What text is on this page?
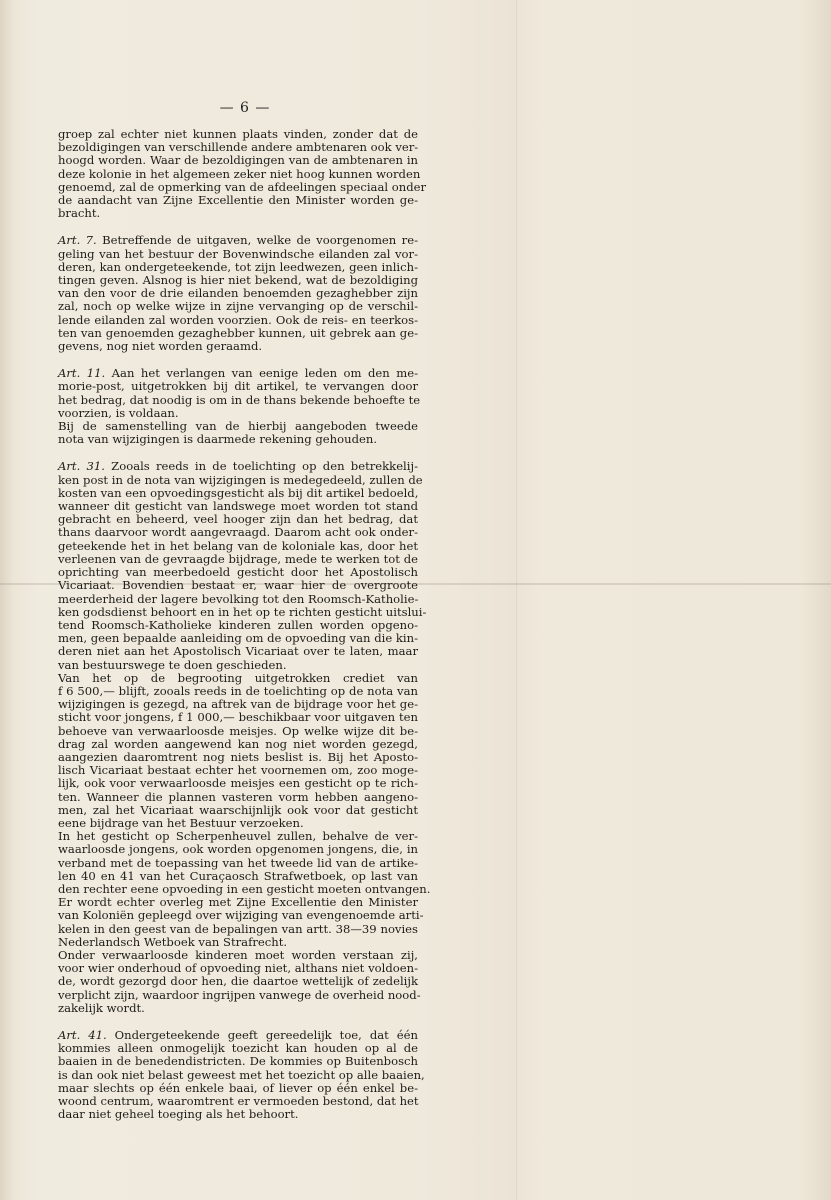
— 6 —
groep zal echter niet kunnen plaats vinden, zonder dat de
bezoldigingen van verschillende andere ambtenaren ook ver-
hoogd worden. Waar de bezoldigingen van de ambtenaren in
deze kolonie in het algemeen zeker niet hoog kunnen worden
genoemd, zal de opmerking van de afdeelingen speciaal onder
de aandacht van Zijne Excellentie den Minister worden ge-
bracht.
Art. 7. Betreffende de uitgaven, welke de voorgenomen re-
geling van het bestuur der Bovenwindsche eilanden zal vor-
deren, kan ondergeteekende, tot zijn leedwezen, geen inlich-
tingen geven. Alsnog is hier niet bekend, wat de bezoldiging
van den voor de drie eilanden benoemden gezaghebber zijn
zal, noch op welke wijze in zijne vervanging op de verschil-
lende eilanden zal worden voorzien. Ook de reis- en teerkos-
ten van genoemden gezaghebber kunnen, uit gebrek aan ge-
gevens, nog niet worden geraamd.
Art. 11. Aan het verlangen van eenige leden om den me-
morie-post, uitgetrokken bij dit artikel, te vervangen door
het bedrag, dat noodig is om in de thans bekende behoefte te
voorzien, is voldaan.
Bij de samenstelling van de hierbij aangeboden tweede
nota van wijzigingen is daarmede rekening gehouden.
Art. 31. Zooals reeds in de toelichting op den betrekkelij-
ken post in de nota van wijzigingen is medegedeeld, zullen de
kosten van een opvoedingsgesticht als bij dit artikel bedoeld,
wanneer dit gesticht van landswege moet worden tot stand
gebracht en beheerd, veel hooger zijn dan het bedrag, dat
thans daarvoor wordt aangevraagd. Daarom acht ook onder-
geteekende het in het belang van de koloniale kas, door het
verleenen van de gevraagde bijdrage, mede te werken tot de
oprichting van meerbedoeld gesticht door het Apostolisch
Vicariaat. Bovendien bestaat er, waar hier de overgroote
meerderheid der lagere bevolking tot den Roomsch-Katholie-
ken godsdienst behoort en in het op te richten gesticht uitslui-
tend Roomsch-Katholieke kinderen zullen worden opgeno-
men, geen bepaalde aanleiding om de opvoeding van die kin-
deren niet aan het Apostolisch Vicariaat over te laten, maar
van bestuurswege te doen geschieden.
Van het op de begrooting uitgetrokken crediet van
f 6 500,— blijft, zooals reeds in de toelichting op de nota van
wijzigingen is gezegd, na aftrek van de bijdrage voor het ge-
sticht voor jongens, f 1 000,— beschikbaar voor uitgaven ten
behoeve van verwaarloosde meisjes. Op welke wijze dit be-
drag zal worden aangewend kan nog niet worden gezegd,
aangezien daaromtrent nog niets beslist is. Bij het Aposto-
lisch Vicariaat bestaat echter het voornemen om, zoo moge-
lijk, ook voor verwaarloosde meisjes een gesticht op te rich-
ten. Wanneer die plannen vasteren vorm hebben aangeno-
men, zal het Vicariaat waarschijnlijk ook voor dat gesticht
eene bijdrage van het Bestuur verzoeken.
In het gesticht op Scherpenheuvel zullen, behalve de ver-
waarloosde jongens, ook worden opgenomen jongens, die, in
verband met de toepassing van het tweede lid van de artike-
len 40 en 41 van het Curaçaosch Strafwetboek, op last van
den rechter eene opvoeding in een gesticht moeten ontvangen.
Er wordt echter overleg met Zijne Excellentie den Minister
van Koloniën gepleegd over wijziging van evengenoemde arti-
kelen in den geest van de bepalingen van artt. 38—39 novies
Nederlandsch Wetboek van Strafrecht.
Onder verwaarloosde kinderen moet worden verstaan zij,
voor wier onderhoud of opvoeding niet, althans niet voldoen-
de, wordt gezorgd door hen, die daartoe wettelijk of zedelijk
verplicht zijn, waardoor ingrijpen vanwege de overheid nood-
zakelijk wordt.
Art. 41. Ondergeteekende geeft gereedelijk toe, dat één
kommies alleen onmogelijk toezicht kan houden op al de
baaien in de benedendistricten. De kommies op Buitenbosch
is dan ook niet belast geweest met het toezicht op alle baaien,
maar slechts op één enkele baai, of liever op één enkel be-
woond centrum, waaromtrent er vermoeden bestond, dat het
daar niet geheel toeging als het behoort.
